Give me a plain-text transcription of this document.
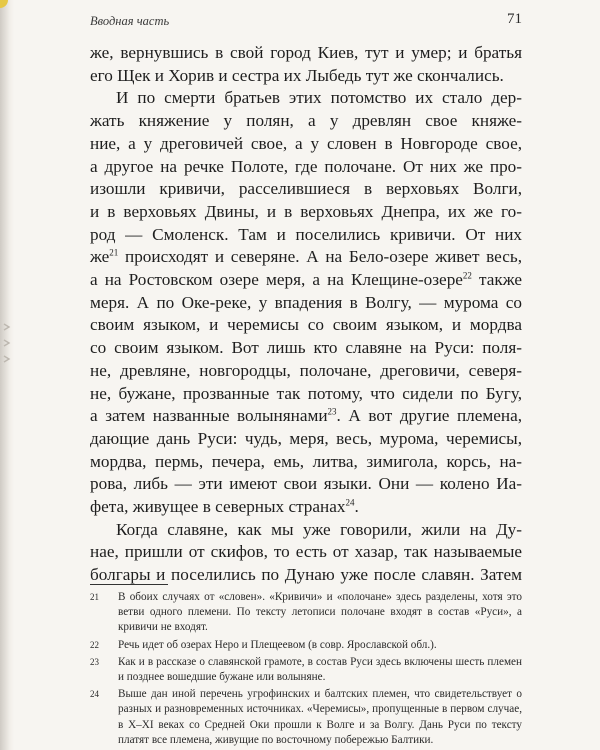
Вводная часть	71

же, вернувшись в свой город Киев, тут и умер; и братья

его Щек и Хорив и сестра их Лыбедь тут же скончались.

И по смерти братьев этих потомство их стало дер-

жать княжение у полян, а у древлян свое княже-

ние, а у дреговичей свое, а у словен в Новгороде свое,

а другое на речке Полоте, где полочане. От них же про-

изошли кривичи, расселившиеся в верховьях Волги,

и в верховьях Двины, и в верховьях Днепра, их же го-

род — Смоленск. Там и поселились кривичи. От них

$же^{21}$ происходят и северяне. А на Бело-озере живет весь,

а на Ростовском озере меря, а на Клещине-озере$^{22}$ также

меря. А по Оке-реке, у впадения в Волгу, — мурома со

своим языком, и черемисы со своим языком, и мордва

со своим языком. Вот лишь кто славяне на Руси: поля-

не, древляне, новгородцы, полочане, дреговичи, северя-

не, бужане, прозванные так потому, что сидели по Бугу,

а затем названные волынянами$^{23}$. А вот другие племена,

дающие дань Руси: чудь, меря, весь, мурома, черемисы,

мордва, пермь, печера, емь, литва, зимигола, корсь, на-

рова, либь — эти имеют свои языки. Они — колено Иа-

фета, живущее в северных странах$^{24}$.

Когда славяне, как мы уже говорили, жили на Ду-

нае, пришли от скифов, то есть от хазар, так называемые

болгары и поселились по Дунаю уже после славян. Затем

21 В обоих случаях от «словен». «Кривичи» и «полочане» здесь разделены, хотя это ветви одного племени. По тексту летописи полочане входят в состав «Руси», а кривичи не входят.
22 Речь идет об озерах Неро и Плещеевом (в совр. Ярославской обл.).
23 Как и в рассказе о славянской грамоте, в состав Руси здесь включены шесть племен и позднее вошедшие бужане или волыняне.
24 Выше дан иной перечень угрофинских и балтских племен, что свидетельствует о разных и разновременных источниках. «Черемисы», пропущенные в первом случае, в X–XI веках со Средней Оки прошли к Волге и за Волгу. Дань Руси по тексту платят все племена, живущие по восточному побережью Балтики.
